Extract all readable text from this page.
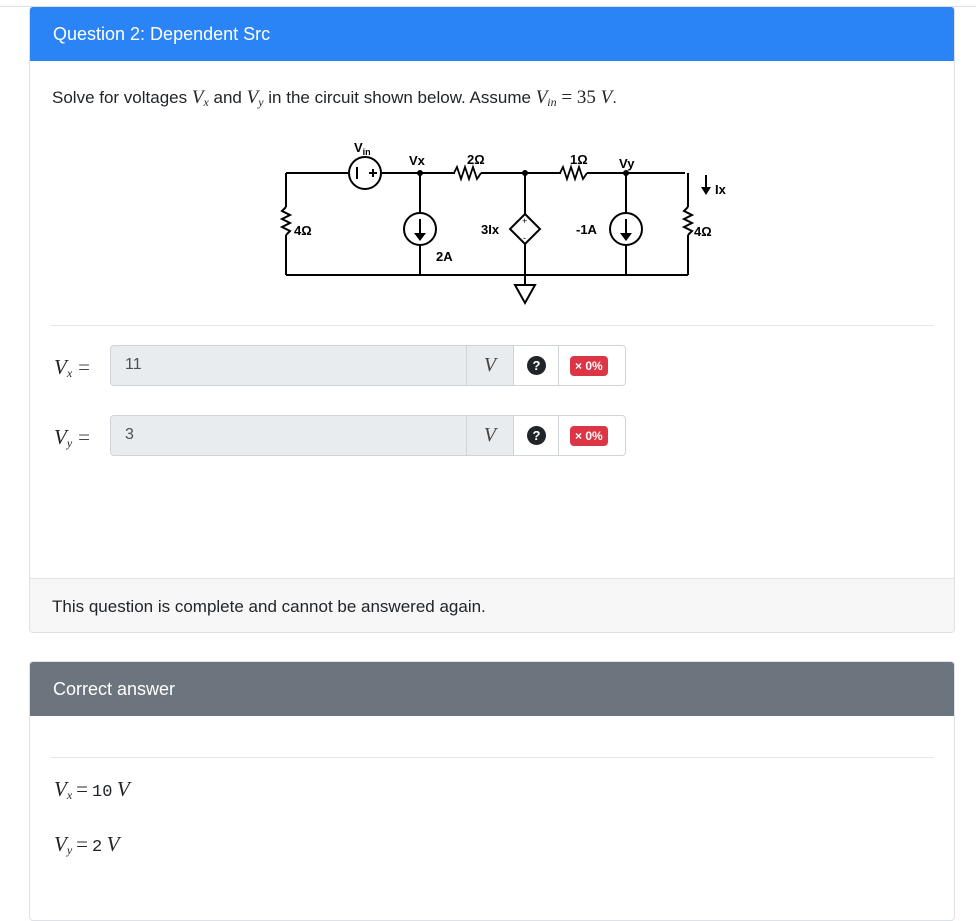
Question 2: Dependent Src
Solve for voltages $V_x$ and $V_y$ in the circuit shown below. Assume $V_{in} = 35$ V.
$V_{in}$
Vx	2Ω	1Ω Vy
4Ω
2A
3Ix	-1A
Ix
4Ω
+
-
$V_x = 11$	V	?	× 0%
$V_y = 3$	V	?	× 0%
This question is complete and cannot be answered again.
Correct answer
$V_x = 10$ V
$V_y = 2$ V
